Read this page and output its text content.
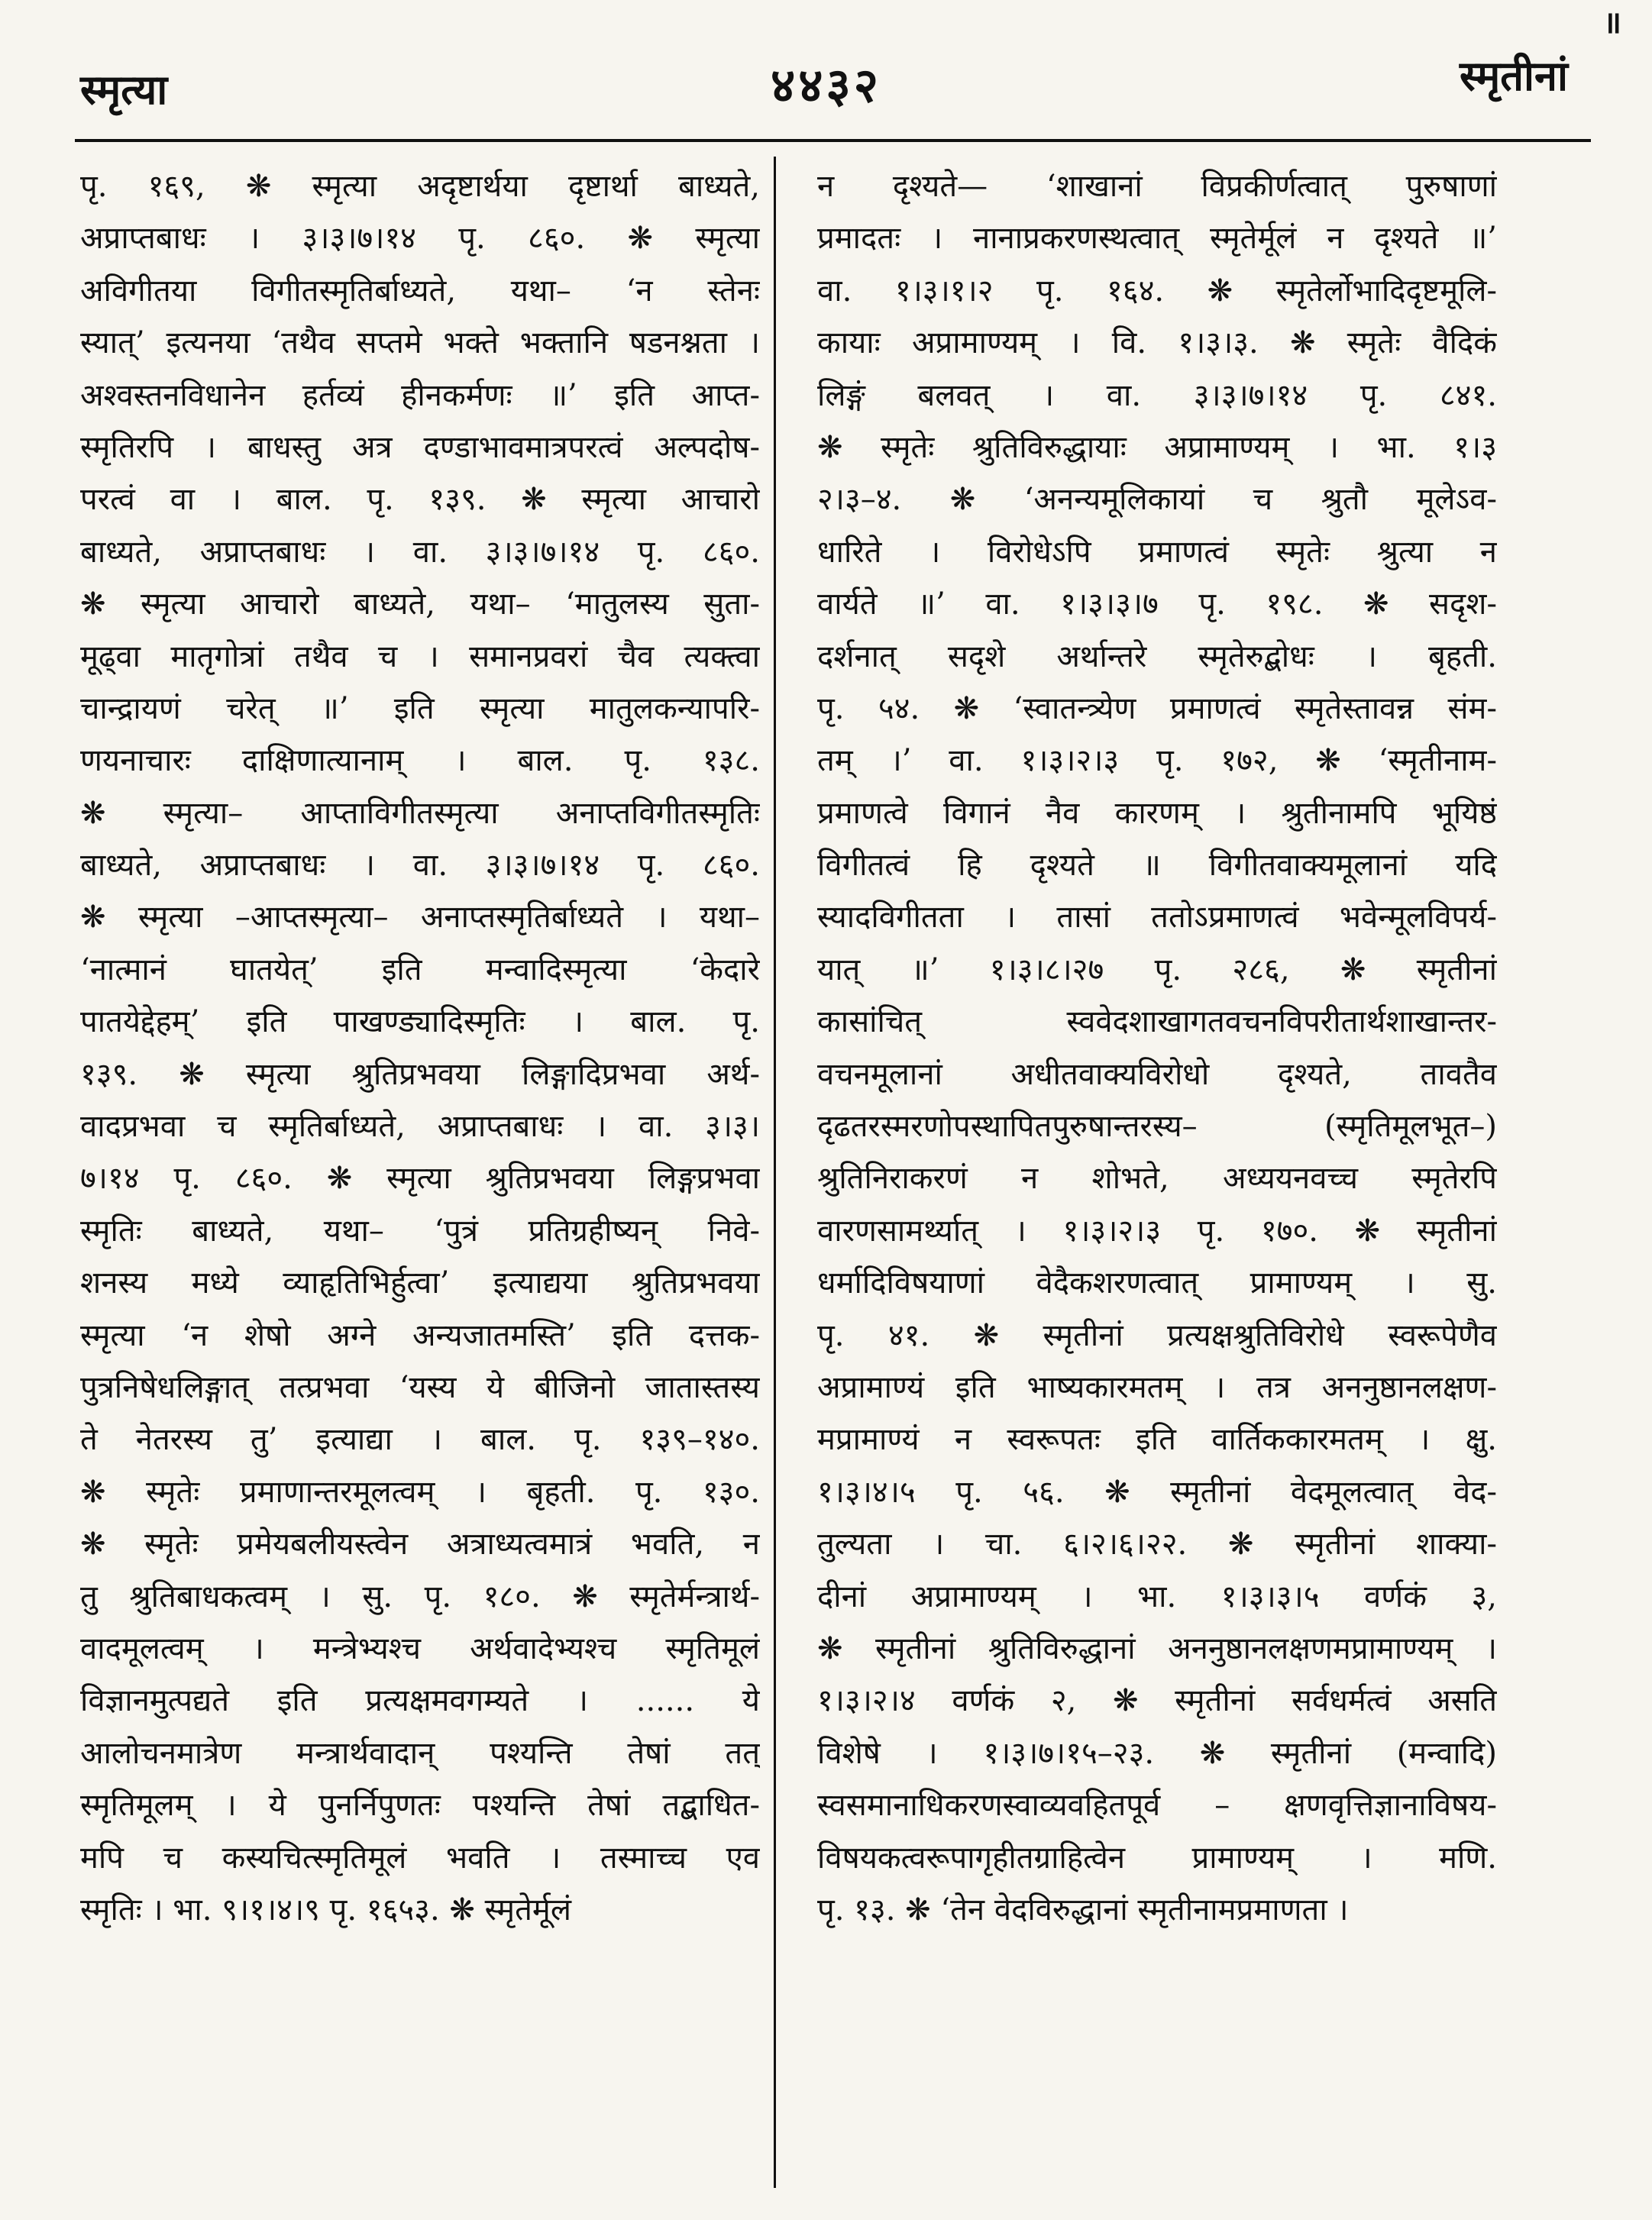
स्मृत्या	४४३२	स्मृतीनां
॥
पृ. १६९, ❋ स्मृत्या अदृष्टार्थया दृष्टार्था बाध्यते,
अप्राप्तबाधः । ३।३।७।१४ पृ. ८६०. ❋ स्मृत्या
अविगीतया विगीतस्मृतिर्बाध्यते, यथा– ‘न स्तेनः
स्यात्’ इत्यनया ‘तथैव सप्तमे भक्ते भक्तानि षडनश्नता ।
अश्वस्तनविधानेन हर्तव्यं हीनकर्मणः ॥’ इति आप्त-
स्मृतिरपि । बाधस्तु अत्र दण्डाभावमात्रपरत्वं अल्पदोष-
परत्वं वा । बाल. पृ. १३९. ❋ स्मृत्या आचारो
बाध्यते, अप्राप्तबाधः । वा. ३।३।७।१४ पृ. ८६०.
❋ स्मृत्या आचारो बाध्यते, यथा– ‘मातुलस्य सुता-
मूढ्वा मातृगोत्रां तथैव च । समानप्रवरां चैव त्यक्त्वा
चान्द्रायणं चरेत् ॥’ इति स्मृत्या मातुलकन्यापरि-
णयनाचारः दाक्षिणात्यानाम् । बाल. पृ. १३८.
❋ स्मृत्या– आप्ताविगीतस्मृत्या अनाप्तविगीतस्मृतिः
बाध्यते, अप्राप्तबाधः । वा. ३।३।७।१४ पृ. ८६०.
❋ स्मृत्या –आप्तस्मृत्या– अनाप्तस्मृतिर्बाध्यते । यथा–
‘नात्मानं घातयेत्’ इति मन्वादिस्मृत्या ‘केदारे
पातयेद्देहम्’ इति पाखण्ड्यादिस्मृतिः । बाल. पृ.
१३९. ❋ स्मृत्या श्रुतिप्रभवया लिङ्गादिप्रभवा अर्थ-
वादप्रभवा च स्मृतिर्बाध्यते, अप्राप्तबाधः । वा. ३।३।
७।१४ पृ. ८६०. ❋ स्मृत्या श्रुतिप्रभवया लिङ्गप्रभवा
स्मृतिः बाध्यते, यथा– ‘पुत्रं प्रतिग्रहीष्यन् निवे-
शनस्य मध्ये व्याहृतिभिर्हुत्वा’ इत्याद्यया श्रुतिप्रभवया
स्मृत्या ‘न शेषो अग्ने अन्यजातमस्ति’ इति दत्तक-
पुत्रनिषेधलिङ्गात् तत्प्रभवा ‘यस्य ये बीजिनो जातास्तस्य
ते नेतरस्य तु’ इत्याद्या । बाल. पृ. १३९–१४०.
❋ स्मृतेः प्रमाणान्तरमूलत्वम् । बृहती. पृ. १३०.
❋ स्मृतेः प्रमेयबलीयस्त्वेन अत्राध्यत्वमात्रं भवति, न
तु श्रुतिबाधकत्वम् । सु. पृ. १८०. ❋ स्मृतेर्मन्त्रार्थ-
वादमूलत्वम् । मन्त्रेभ्यश्च अर्थवादेभ्यश्च स्मृतिमूलं
विज्ञानमुत्पद्यते इति प्रत्यक्षमवगम्यते । ...... ये
आलोचनमात्रेण मन्त्रार्थवादान् पश्यन्ति तेषां तत्
स्मृतिमूलम् । ये पुनर्निपुणतः पश्यन्ति तेषां तद्बाधित-
मपि च कस्यचित्स्मृतिमूलं भवति । तस्माच्च एव
स्मृतिः । भा. ९।१।४।९ पृ. १६५३. ❋ स्मृतेर्मूलं
न दृश्यते— ‘शाखानां विप्रकीर्णत्वात् पुरुषाणां
प्रमादतः । नानाप्रकरणस्थत्वात् स्मृतेर्मूलं न दृश्यते ॥’
वा. १।३।१।२ पृ. १६४. ❋ स्मृतेर्लोभादिदृष्टमूलि-
कायाः अप्रामाण्यम् । वि. १।३।३. ❋ स्मृतेः वैदिकं
लिङ्गं बलवत् । वा. ३।३।७।१४ पृ. ८४१.
❋ स्मृतेः श्रुतिविरुद्धायाः अप्रामाण्यम् । भा. १।३
२।३–४. ❋ ‘अनन्यमूलिकायां च श्रुतौ मूलेऽव-
धारिते । विरोधेऽपि प्रमाणत्वं स्मृतेः श्रुत्या न
वार्यते ॥’ वा. १।३।३।७ पृ. १९८. ❋ सदृश-
दर्शनात् सदृशे अर्थान्तरे स्मृतेरुद्बोधः । बृहती.
पृ. ५४. ❋ ‘स्वातन्त्र्येण प्रमाणत्वं स्मृतेस्तावन्न संम-
तम् ।’ वा. १।३।२।३ पृ. १७२, ❋ ‘स्मृतीनाम-
प्रमाणत्वे विगानं नैव कारणम् । श्रुतीनामपि भूयिष्ठं
विगीतत्वं हि दृश्यते ॥ विगीतवाक्यमूलानां यदि
स्यादविगीतता । तासां ततोऽप्रमाणत्वं भवेन्मूलविपर्य-
यात् ॥’ १।३।८।२७ पृ. २८६, ❋ स्मृतीनां
कासांचित् स्ववेदशाखागतवचनविपरीतार्थशाखान्तर-
वचनमूलानां अधीतवाक्यविरोधो दृश्यते, तावतैव
दृढतरस्मरणोपस्थापितपुरुषान्तरस्य– (स्मृतिमूलभूत–)
श्रुतिनिराकरणं न शोभते, अध्ययनवच्च स्मृतेरपि
वारणसामर्थ्यात् । १।३।२।३ पृ. १७०. ❋ स्मृतीनां
धर्मादिविषयाणां वेदैकशरणत्वात् प्रामाण्यम् । सु.
पृ. ४१. ❋ स्मृतीनां प्रत्यक्षश्रुतिविरोधे स्वरूपेणैव
अप्रामाण्यं इति भाष्यकारमतम् । तत्र अननुष्ठानलक्षण-
मप्रामाण्यं न स्वरूपतः इति वार्तिककारमतम् । क्षु.
१।३।४।५ पृ. ५६. ❋ स्मृतीनां वेदमूलत्वात् वेद-
तुल्यता । चा. ६।२।६।२२. ❋ स्मृतीनां शाक्या-
दीनां अप्रामाण्यम् । भा. १।३।३।५ वर्णकं ३,
❋ स्मृतीनां श्रुतिविरुद्धानां अननुष्ठानलक्षणमप्रामाण्यम् ।
१।३।२।४ वर्णकं २, ❋ स्मृतीनां सर्वधर्मत्वं असति
विशेषे । १।३।७।१५–२३. ❋ स्मृतीनां (मन्वादि)
स्वसमानाधिकरणस्वाव्यवहितपूर्व – क्षणवृत्तिज्ञानाविषय-
विषयकत्वरूपागृहीतग्राहित्वेन प्रामाण्यम् । मणि.
पृ. १३. ❋ ‘तेन वेदविरुद्धानां स्मृतीनामप्रमाणता ।
